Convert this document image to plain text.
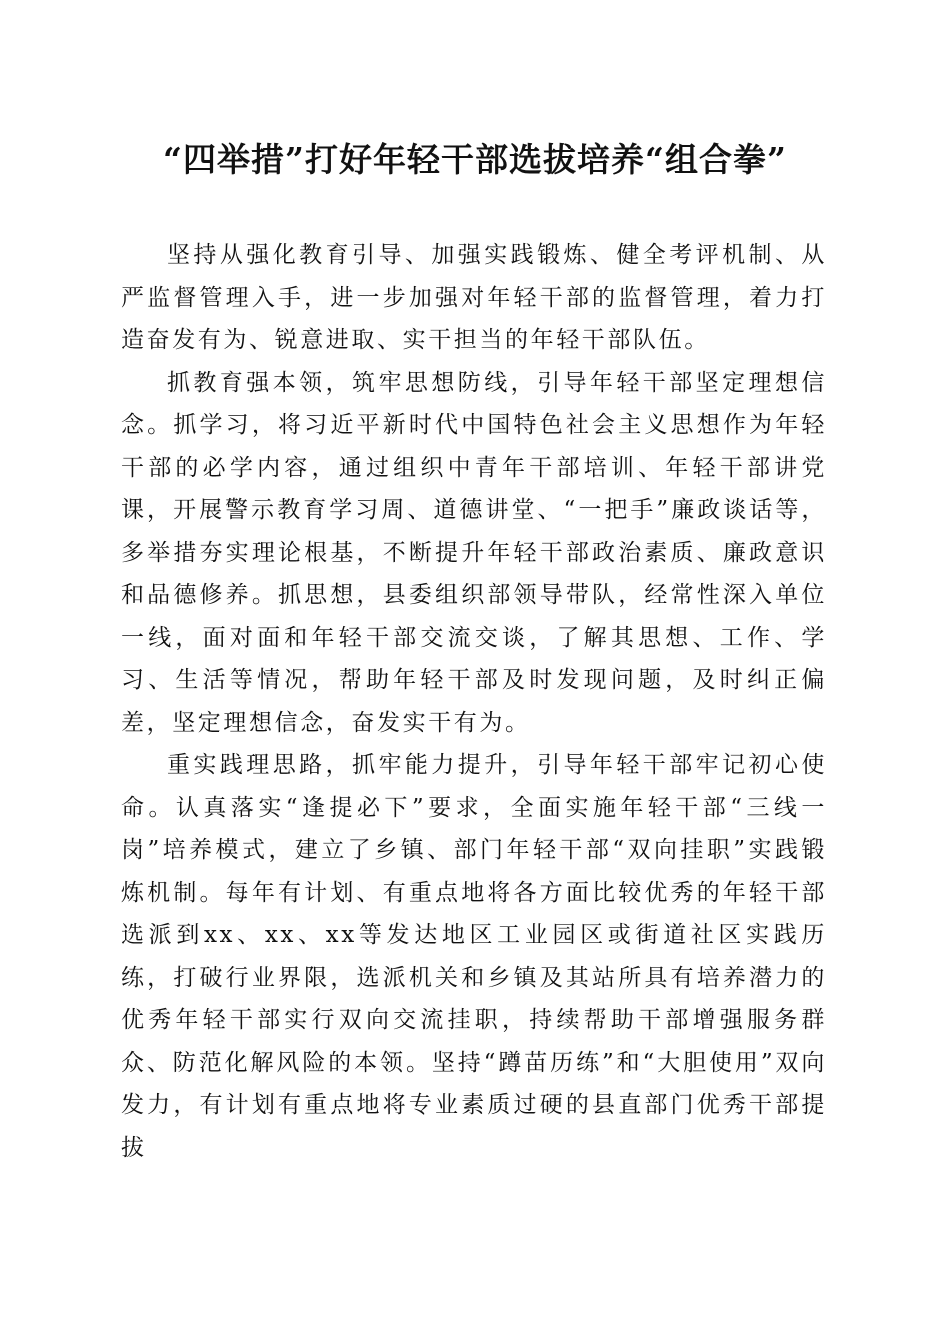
“四举措”打好年轻干部选拔培养“组合拳”

坚持从强化教育引导、加强实践锻炼、健全考评机制、从严监督管理入手，进一步加强对年轻干部的监督管理，着力打造奋发有为、锐意进取、实干担当的年轻干部队伍。

抓教育强本领，筑牢思想防线，引导年轻干部坚定理想信念。抓学习，将习近平新时代中国特色社会主义思想作为年轻干部的必学内容，通过组织中青年干部培训、年轻干部讲党课，开展警示教育学习周、道德讲堂、“一把手”廉政谈话等，多举措夯实理论根基，不断提升年轻干部政治素质、廉政意识和品德修养。抓思想，县委组织部领导带队，经常性深入单位一线，面对面和年轻干部交流交谈，了解其思想、工作、学习、生活等情况，帮助年轻干部及时发现问题，及时纠正偏差，坚定理想信念，奋发实干有为。

重实践理思路，抓牢能力提升，引导年轻干部牢记初心使命。认真落实“逢提必下”要求，全面实施年轻干部“三线一岗”培养模式，建立了乡镇、部门年轻干部“双向挂职”实践锻炼机制。每年有计划、有重点地将各方面比较优秀的年轻干部选派到xx、xx、xx等发达地区工业园区或街道社区实践历练，打破行业界限，选派机关和乡镇及其站所具有培养潜力的优秀年轻干部实行双向交流挂职，持续帮助干部增强服务群众、防范化解风险的本领。坚持“蹲苗历练”和“大胆使用”双向发力，有计划有重点地将专业素质过硬的县直部门优秀干部提拔
